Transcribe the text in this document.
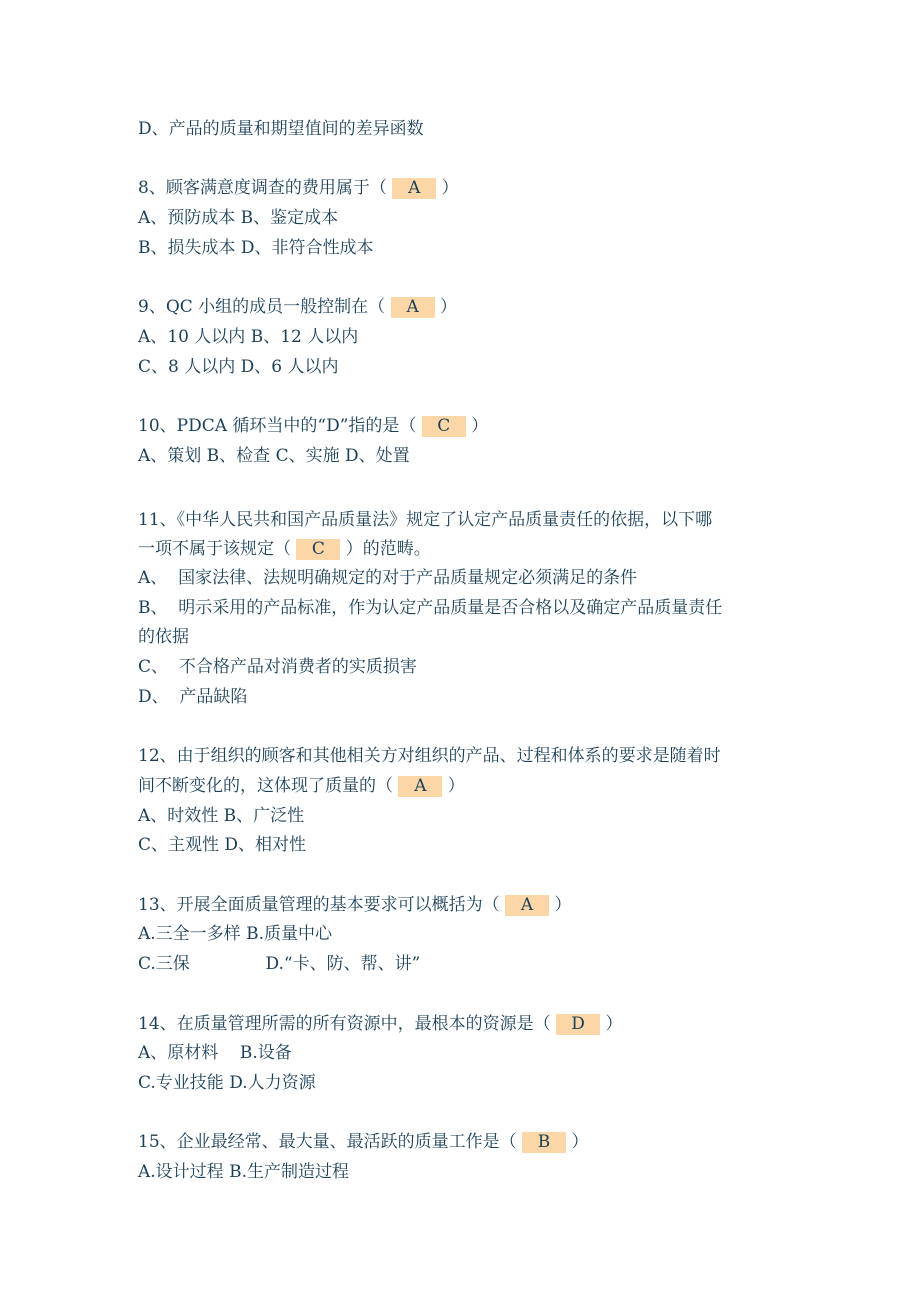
D、产品的质量和期望值间的差异函数
8、顾客满意度调查的费用属于（ A ）
A、预防成本 B、鉴定成本
B、损失成本 D、非符合性成本
9、QC 小组的成员一般控制在（ A ）
A、10 人以内 B、12 人以内
C、8 人以内 D、6 人以内
10、PDCA 循环当中的“D”指的是（ C ）
A、策划 B、检查 C、实施 D、处置
11、《中华人民共和国产品质量法》规定了认定产品质量责任的依据，以下哪
一项不属于该规定（ C ）的范畴。
A、  国家法律、法规明确规定的对于产品质量规定必须满足的条件
B、  明示采用的产品标准，作为认定产品质量是否合格以及确定产品质量责任
的依据
C、  不合格产品对消费者的实质损害
D、  产品缺陷
12、由于组织的顾客和其他相关方对组织的产品、过程和体系的要求是随着时
间不断变化的，这体现了质量的（ A ）
A、时效性 B、广泛性
C、主观性 D、相对性
13、开展全面质量管理的基本要求可以概括为（ A ）
A.三全一多样 B.质量中心
C.三保              D.“卡、防、帮、讲”
14、在质量管理所需的所有资源中，最根本的资源是（ D ）
A、原材料    B.设备
C.专业技能 D.人力资源
15、企业最经常、最大量、最活跃的质量工作是（ B ）
A.设计过程 B.生产制造过程
